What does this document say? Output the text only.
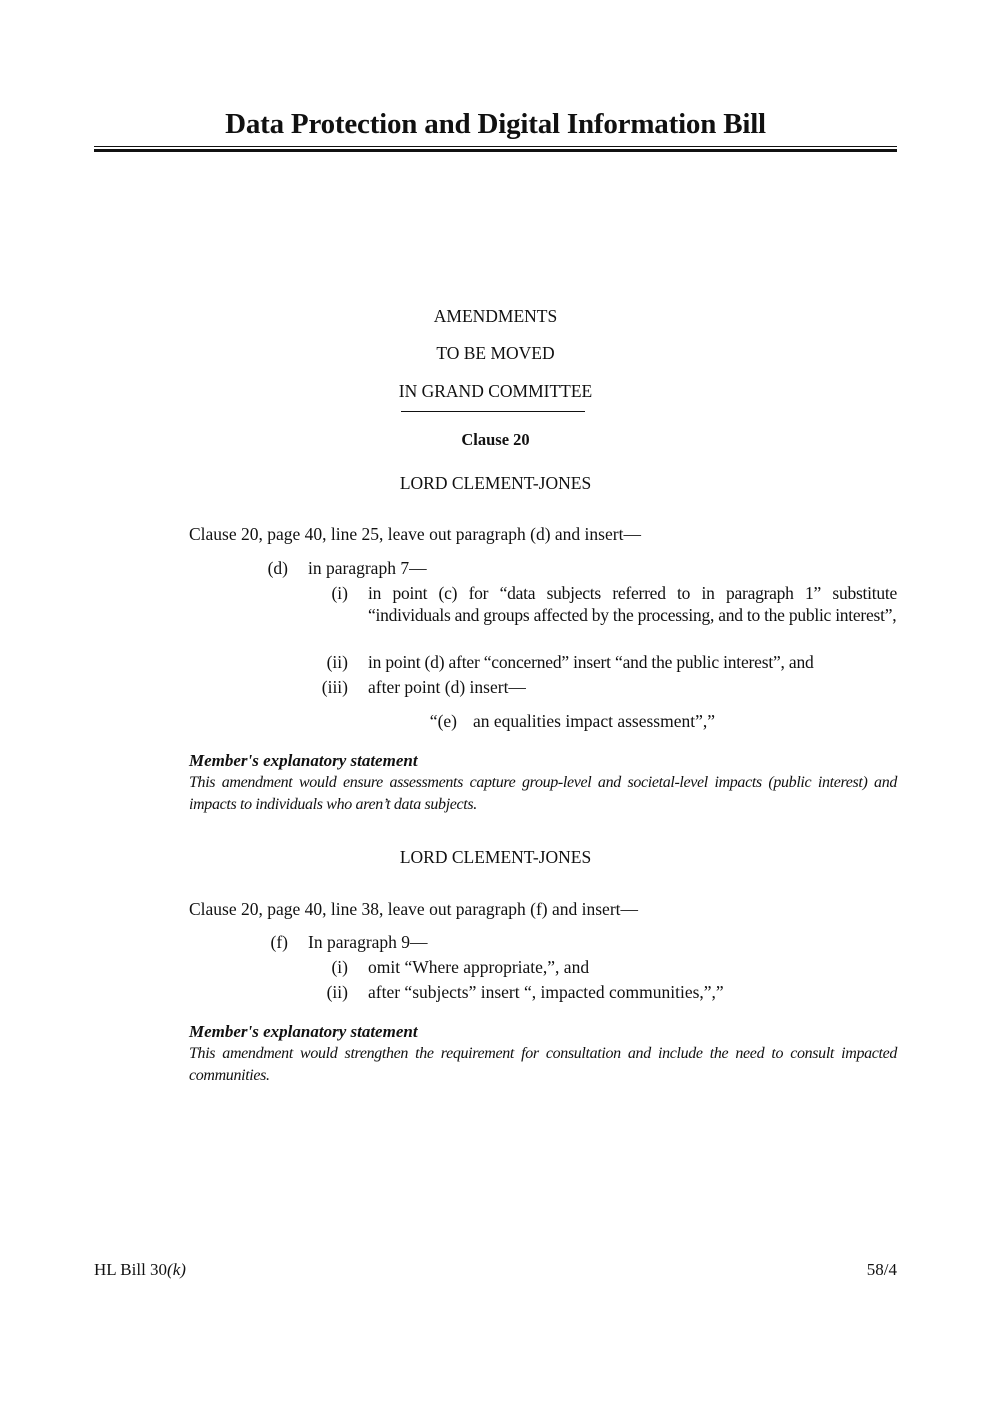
Data Protection and Digital Information Bill
AMENDMENTS
TO BE MOVED
IN GRAND COMMITTEE
Clause 20
LORD CLEMENT-JONES
Clause 20, page 40, line 25, leave out paragraph (d) and insert—
(d) in paragraph 7—
(i) in point (c) for “data subjects referred to in paragraph 1” substitute “individuals and groups affected by the processing, and to the public interest”,
(ii) in point (d) after “concerned” insert “and the public interest”, and
(iii) after point (d) insert—
“(e) an equalities impact assessment”,”
Member's explanatory statement
This amendment would ensure assessments capture group-level and societal-level impacts (public interest) and impacts to individuals who aren’t data subjects.
LORD CLEMENT-JONES
Clause 20, page 40, line 38, leave out paragraph (f) and insert—
(f) In paragraph 9—
(i) omit “Where appropriate,”, and
(ii) after “subjects” insert “, impacted communities,”,”
Member's explanatory statement
This amendment would strengthen the requirement for consultation and include the need to consult impacted communities.
HL Bill 30(k)	58/4
